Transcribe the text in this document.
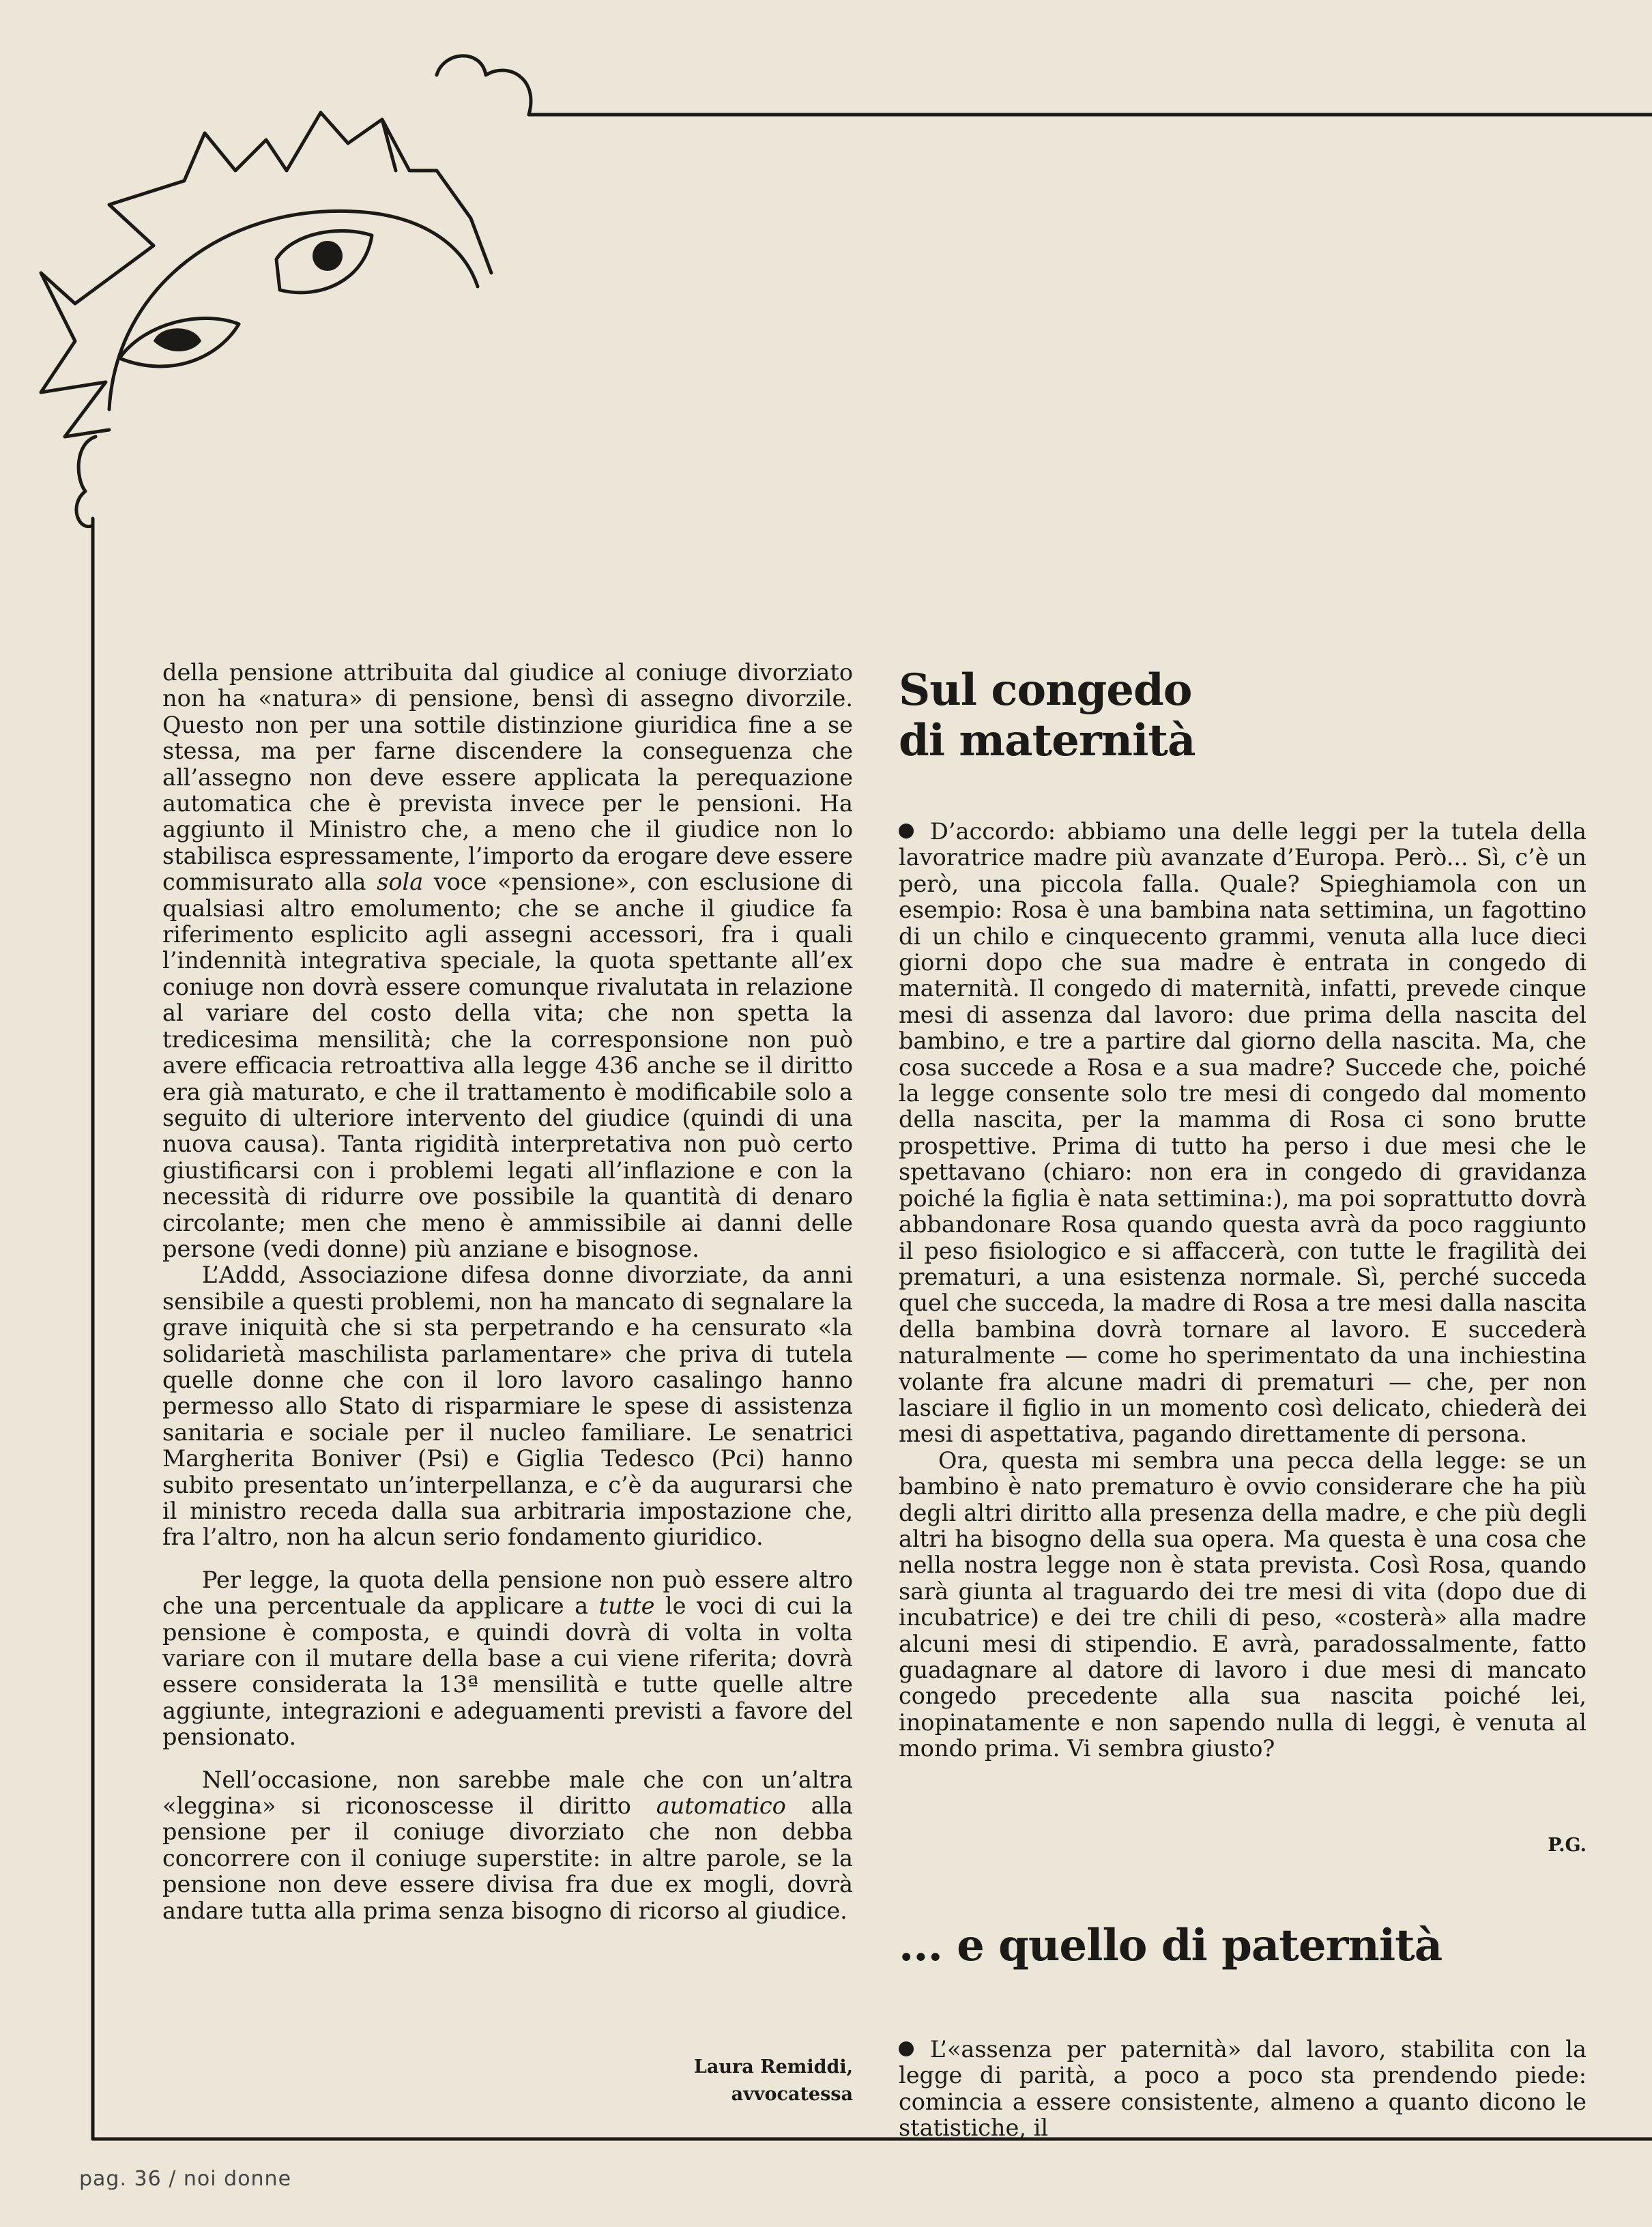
della pensione attribuita dal giudice al coniuge divorziato non ha «natura» di pensione, bensì di assegno divorzile. Questo non per una sottile distinzione giuridica fine a se stessa, ma per farne discendere la conseguenza che all’assegno non deve essere applicata la perequazione automatica che è prevista invece per le pensioni. Ha aggiunto il Ministro che, a meno che il giudice non lo stabilisca espressamente, l’importo da erogare deve essere commisurato alla sola voce «pensione», con esclusione di qualsiasi altro emolumento; che se anche il giudice fa riferimento esplicito agli assegni accessori, fra i quali l’indennità integrativa speciale, la quota spettante all’ex coniuge non dovrà essere comunque rivalutata in relazione al variare del costo della vita; che non spetta la tredicesima mensilità; che la corresponsione non può avere efficacia retroattiva alla legge 436 anche se il diritto era già maturato, e che il trattamento è modificabile solo a seguito di ulteriore intervento del giudice (quindi di una nuova causa). Tanta rigidità interpretativa non può certo giustificarsi con i problemi legati all’inflazione e con la necessità di ridurre ove possibile la quantità di denaro circolante; men che meno è ammissibile ai danni delle persone (vedi donne) più anziane e bisognose.

L’Addd, Associazione difesa donne divorziate, da anni sensibile a questi problemi, non ha mancato di segnalare la grave iniquità che si sta perpetrando e ha censurato «la solidarietà maschilista parlamentare» che priva di tutela quelle donne che con il loro lavoro casalingo hanno permesso allo Stato di risparmiare le spese di assistenza sanitaria e sociale per il nucleo familiare. Le senatrici Margherita Boniver (Psi) e Giglia Tedesco (Pci) hanno subito presentato un’interpellanza, e c’è da augurarsi che il ministro receda dalla sua arbitraria impostazione che, fra l’altro, non ha alcun serio fondamento giuridico.

Per legge, la quota della pensione non può essere altro che una percentuale da applicare a tutte le voci di cui la pensione è composta, e quindi dovrà di volta in volta variare con il mutare della base a cui viene riferita; dovrà essere considerata la 13ª mensilità e tutte quelle altre aggiunte, integrazioni e adeguamenti previsti a favore del pensionato.

Nell’occasione, non sarebbe male che con un’altra «leggina» si riconoscesse il diritto automatico alla pensione per il coniuge divorziato che non debba concorrere con il coniuge superstite: in altre parole, se la pensione non deve essere divisa fra due ex mogli, dovrà andare tutta alla prima senza bisogno di ricorso al giudice.

Laura Remiddi,
avvocatessa
Sul congedo
di maternità

D’accordo: abbiamo una delle leggi per la tutela della lavoratrice madre più avanzate d’Europa. Però... Sì, c’è un però, una piccola falla. Quale? Spieghiamola con un esempio: Rosa è una bambina nata settimina, un fagottino di un chilo e cinquecento grammi, venuta alla luce dieci giorni dopo che sua madre è entrata in congedo di maternità. Il congedo di maternità, infatti, prevede cinque mesi di assenza dal lavoro: due prima della nascita del bambino, e tre a partire dal giorno della nascita. Ma, che cosa succede a Rosa e a sua madre? Succede che, poiché la legge consente solo tre mesi di congedo dal momento della nascita, per la mamma di Rosa ci sono brutte prospettive. Prima di tutto ha perso i due mesi che le spettavano (chiaro: non era in congedo di gravidanza poiché la figlia è nata settimina:), ma poi soprattutto dovrà abbandonare Rosa quando questa avrà da poco raggiunto il peso fisiologico e si affaccerà, con tutte le fragilità dei prematuri, a una esistenza normale. Sì, perché succeda quel che succeda, la madre di Rosa a tre mesi dalla nascita della bambina dovrà tornare al lavoro. E succederà naturalmente — come ho sperimentato da una inchiestina volante fra alcune madri di prematuri — che, per non lasciare il figlio in un momento così delicato, chiederà dei mesi di aspettativa, pagando direttamente di persona.

Ora, questa mi sembra una pecca della legge: se un bambino è nato prematuro è ovvio considerare che ha più degli altri diritto alla presenza della madre, e che più degli altri ha bisogno della sua opera. Ma questa è una cosa che nella nostra legge non è stata prevista. Così Rosa, quando sarà giunta al traguardo dei tre mesi di vita (dopo due di incubatrice) e dei tre chili di peso, «costerà» alla madre alcuni mesi di stipendio. E avrà, paradossalmente, fatto guadagnare al datore di lavoro i due mesi di mancato congedo precedente alla sua nascita poiché lei, inopinatamente e non sapendo nulla di leggi, è venuta al mondo prima. Vi sembra giusto?

P.G.
... e quello di paternità

L’«assenza per paternità» dal lavoro, stabilita con la legge di parità, a poco a poco sta prendendo piede: comincia a essere consistente, almeno a quanto dicono le statistiche, il

pag. 36 / noi donne
